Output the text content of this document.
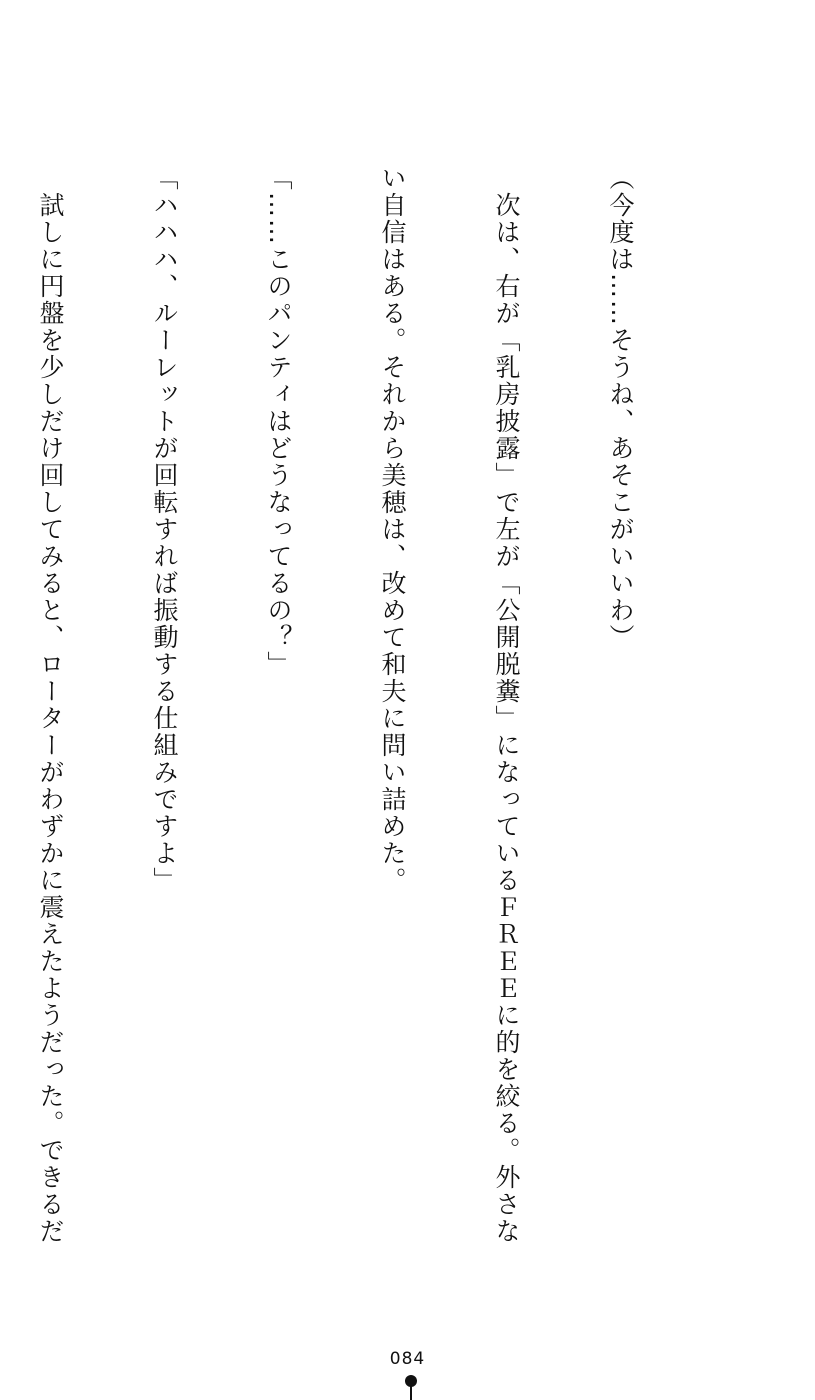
（今度は……そうね、あそこがいいわ）

　次は、右が「乳房披露」で左が「公開脱糞」になっているＦＲＥＥに的を絞る。外さな

い自信はある。それから美穂は、改めて和夫に問い詰めた。

「……このパンティはどうなってるの？」

「ハハハ、ルーレットが回転すれば振動する仕組みですよ」

　試しに円盤を少しだけ回してみると、ローターがわずかに震えたようだった。できるだ

084
